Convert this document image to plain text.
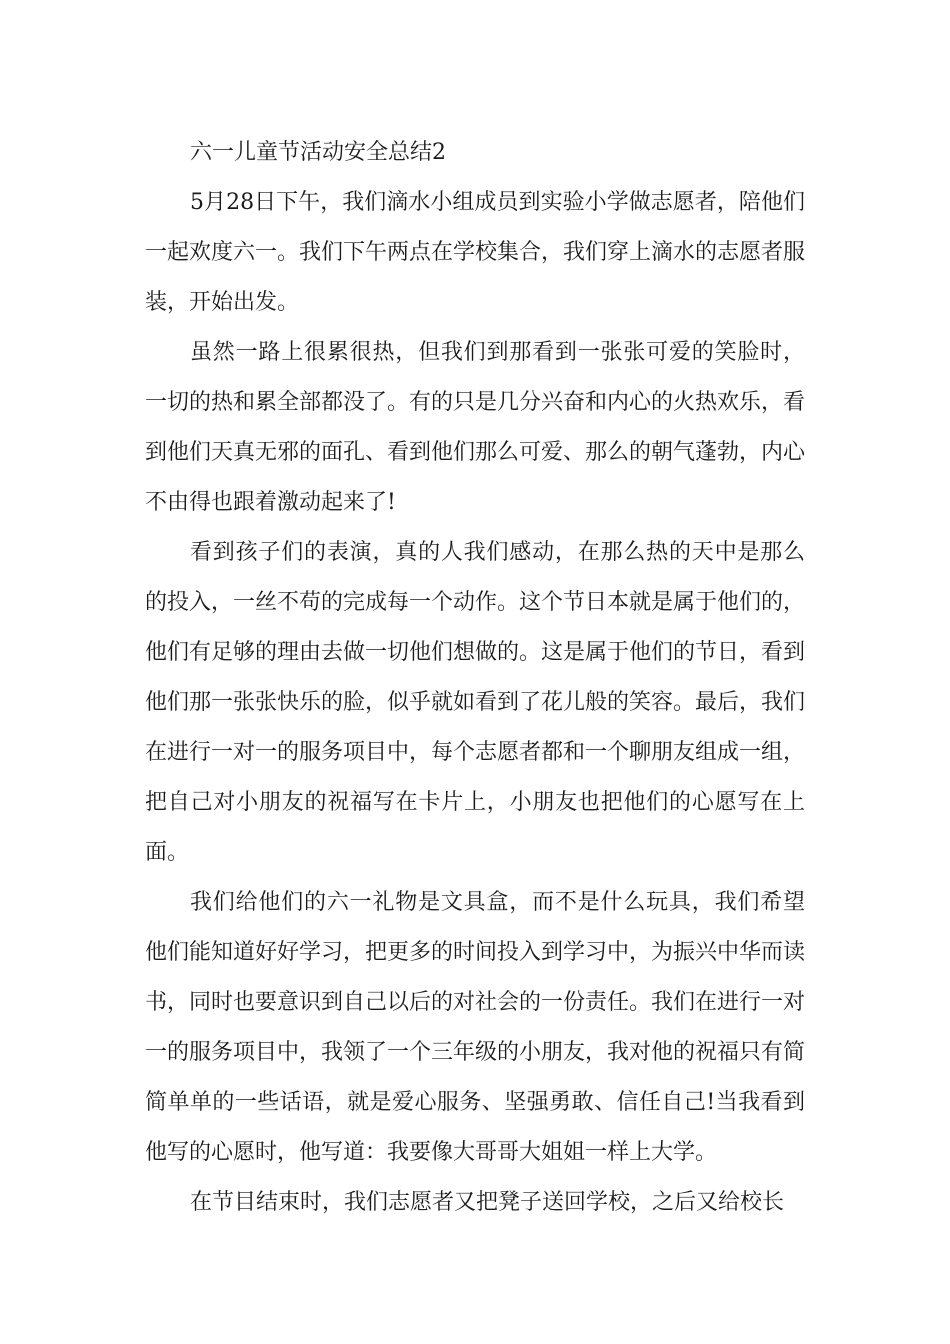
六一儿童节活动安全总结2

5月28日下午，我们滴水小组成员到实验小学做志愿者，陪他们一起欢度六一。我们下午两点在学校集合，我们穿上滴水的志愿者服装，开始出发。

虽然一路上很累很热，但我们到那看到一张张可爱的笑脸时，一切的热和累全部都没了。有的只是几分兴奋和内心的火热欢乐，看到他们天真无邪的面孔、看到他们那么可爱、那么的朝气蓬勃，内心不由得也跟着激动起来了!

看到孩子们的表演，真的人我们感动，在那么热的天中是那么的投入，一丝不苟的完成每一个动作。这个节日本就是属于他们的，他们有足够的理由去做一切他们想做的。这是属于他们的节日，看到他们那一张张快乐的脸，似乎就如看到了花儿般的笑容。最后，我们在进行一对一的服务项目中，每个志愿者都和一个聊朋友组成一组，把自己对小朋友的祝福写在卡片上，小朋友也把他们的心愿写在上面。

我们给他们的六一礼物是文具盒，而不是什么玩具，我们希望他们能知道好好学习，把更多的时间投入到学习中，为振兴中华而读书，同时也要意识到自己以后的对社会的一份责任。我们在进行一对一的服务项目中，我领了一个三年级的小朋友，我对他的祝福只有简简单单的一些话语，就是爱心服务、坚强勇敢、信任自己!当我看到他写的心愿时，他写道：我要像大哥哥大姐姐一样上大学。

在节目结束时，我们志愿者又把凳子送回学校，之后又给校长
